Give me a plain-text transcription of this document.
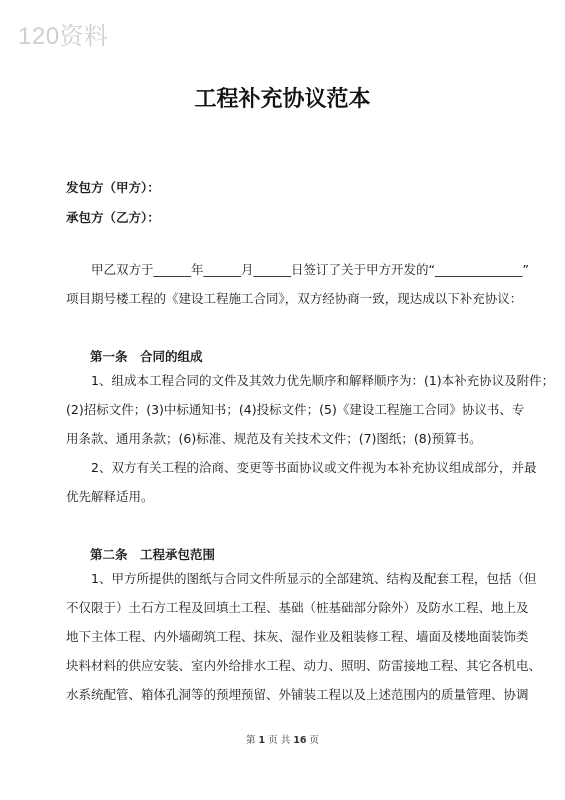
120资料
工程补充协议范本
发包方（甲方）：
承包方（乙方）：
甲乙双方于______年______月______日签订了关于甲方开发的“______________”
项目期号楼工程的《建设工程施工合同》，双方经协商一致，现达成以下补充协议：
第一条　合同的组成
1、组成本工程合同的文件及其效力优先顺序和解释顺序为：(1)本补充协议及附件；
(2)招标文件；(3)中标通知书；(4)投标文件；(5)《建设工程施工合同》协议书、专
用条款、通用条款；(6)标准、规范及有关技术文件；(7)图纸；(8)预算书。
2、双方有关工程的洽商、变更等书面协议或文件视为本补充协议组成部分，并最
优先解释适用。
第二条　工程承包范围
1、甲方所提供的图纸与合同文件所显示的全部建筑、结构及配套工程，包括（但
不仅限于）土石方工程及回填土工程、基础（桩基础部分除外）及防水工程、地上及
地下主体工程、内外墙砌筑工程、抹灰、湿作业及粗装修工程、墙面及楼地面装饰类
块料材料的供应安装、室内外给排水工程、动力、照明、防雷接地工程、其它各机电、
水系统配管、箱体孔洞等的预埋预留、外铺装工程以及上述范围内的质量管理、协调
第 1 页 共 16 页
